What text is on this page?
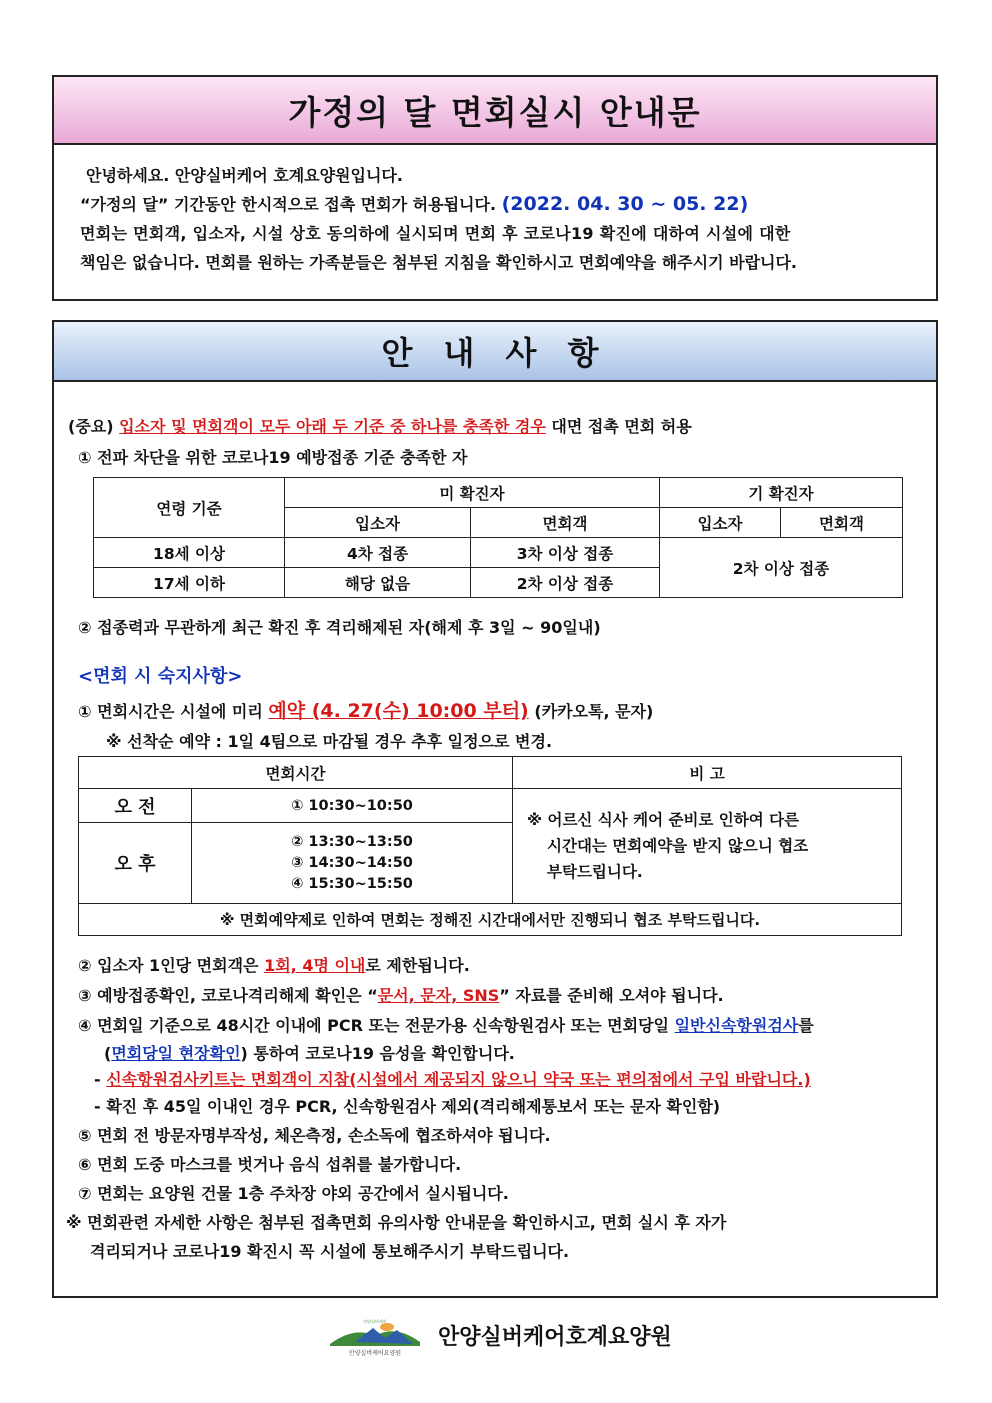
가정의 달 면회실시 안내문

안녕하세요. 안양실버케어 호계요양원입니다.

“가정의 달” 기간동안 한시적으로 접촉 면회가 허용됩니다. (2022. 04. 30 ~ 05. 22)

면회는 면회객, 입소자, 시설 상호 동의하에 실시되며 면회 후 코로나19 확진에 대하여 시설에 대한

책임은 없습니다. 면회를 원하는 가족분들은 첨부된 지침을 확인하시고 면회예약을 해주시기 바랍니다.

안 내 사 항
(중요) 입소자 및 면회객이 모두 아래 두 기준 중 하나를 충족한 경우 대면 접촉 면회 허용
① 전파 차단을 위한 코로나19 예방접종 기준 충족한 자
연령 기준	미 확진자		기 확진자	
	입소자	면회객	입소자	면회객
18세 이상	4차 접종	3차 이상 접종	2차 이상 접종	
17세 이하	해당 없음	2차 이상 접종		
② 접종력과 무관하게 최근 확진 후 격리해제된 자(해제 후 3일 ~ 90일내)
<면회 시 숙지사항>
① 면회시간은 시설에 미리 예약 (4. 27(수) 10:00 부터) (카카오톡, 문자)
※ 선착순 예약 : 1일 4팀으로 마감될 경우 추후 일정으로 변경.
면회시간		비 고
오 전	① 10:30~10:50	※ 어르신 식사 케어 준비로 인하여 다른
시간대는 면회예약을 받지 않으니 협조
부탁드립니다.

오 후	② 13:30~13:50
③ 14:30~14:50
④ 15:30~15:50	

※ 면회예약제로 인하여 면회는 정해진 시간대에서만 진행되니 협조 부탁드립니다.		
② 입소자 1인당 면회객은 1회, 4명 이내로 제한됩니다.
③ 예방접종확인, 코로나격리해제 확인은 “문서, 문자, SNS” 자료를 준비해 오셔야 됩니다.
④ 면회일 기준으로 48시간 이내에 PCR 또는 전문가용 신속항원검사 또는 면회당일 일반신속항원검사를
(면회당일 현장확인) 통하여 코로나19 음성을 확인합니다.
- 신속항원검사키트는 면회객이 지참(시설에서 제공되지 않으니 약국 또는 편의점에서 구입 바랍니다.)
- 확진 후 45일 이내인 경우 PCR, 신속항원검사 제외(격리해제통보서 또는 문자 확인함)
⑤ 면회 전 방문자명부작성, 체온측정, 손소독에 협조하셔야 됩니다.
⑥ 면회 도중 마스크를 벗거나 음식 섭취를 불가합니다.
⑦ 면회는 요양원 건물 1층 주차장 야외 공간에서 실시됩니다.
※ 면회관련 자세한 사항은 첨부된 접촉면회 유의사항 안내문을 확인하시고, 면회 실시 후 자가
격리되거나 코로나19 확진시 꼭 시설에 통보해주시기 부탁드립니다.
안양실버케어요양원
안양실버케어
안양실버케어호계요양원
